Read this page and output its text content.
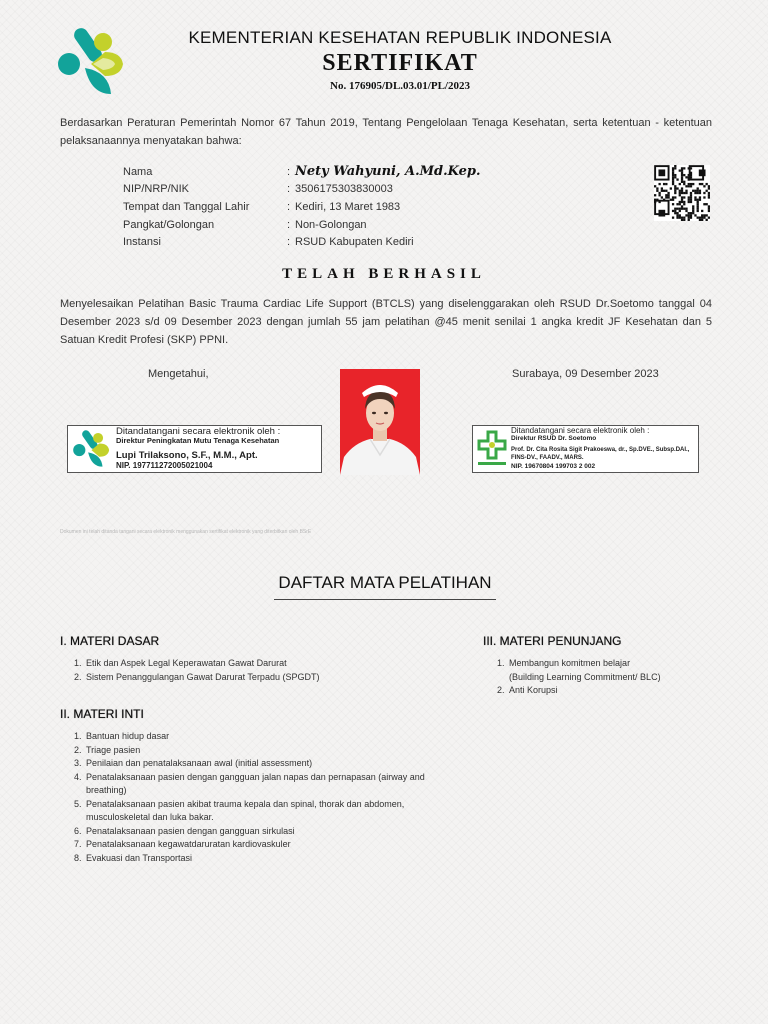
KEMENTERIAN KESEHATAN REPUBLIK INDONESIA
SERTIFIKAT
No. 176905/DL.03.01/PL/2023
Berdasarkan Peraturan Pemerintah Nomor 67 Tahun 2019, Tentang Pengelolaan Tenaga Kesehatan, serta ketentuan - ketentuan pelaksanaannya menyatakan bahwa:
Nama	: Nety Wahyuni, A.Md.Kep.
NIP/NRP/NIK	: 3506175303830003
Tempat dan Tanggal Lahir	: Kediri, 13 Maret 1983
Pangkat/Golongan	: Non-Golongan
Instansi	: RSUD Kabupaten Kediri
TELAH BERHASIL
Menyelesaikan Pelatihan Basic Trauma Cardiac Life Support (BTCLS) yang diselenggarakan oleh RSUD Dr.Soetomo tanggal 04 Desember 2023 s/d 09 Desember 2023 dengan jumlah 55 jam pelatihan @45 menit senilai 1 angka kredit JF Kesehatan dan 5 Satuan Kredit Profesi (SKP) PPNI.
Mengetahui,	Surabaya, 09 Desember 2023
Ditandatangani secara elektronik oleh :
Direktur Peningkatan Mutu Tenaga Kesehatan
Lupi Trilaksono, S.F., M.M., Apt.
NIP. 197711272005021004
Ditandatangani secara elektronik oleh :
Direktur RSUD Dr. Soetomo
Prof. Dr. Cita Rosita Sigit Prakoeswa, dr., Sp.DVE., Subsp.DAI.,
FINS-DV., FAADV., MARS.
NIP. 19670804 199703 2 002
Dokumen ini telah ditanda tangani secara elektronik menggunakan sertifikat elektronik yang diterbitkan oleh BSrE
DAFTAR MATA PELATIHAN
I. MATERI DASAR
1. Etik dan Aspek Legal Keperawatan Gawat Darurat
2. Sistem Penanggulangan Gawat Darurat Terpadu (SPGDT)
II. MATERI INTI
1. Bantuan hidup dasar
2. Triage pasien
3. Penilaian dan penatalaksanaan awal (initial assessment)
4. Penatalaksanaan pasien dengan gangguan jalan napas dan pernapasan (airway and breathing)
5. Penatalaksanaan pasien akibat trauma kepala dan spinal, thorak dan abdomen, musculoskeletal dan luka bakar.
6. Penatalaksanaan pasien dengan gangguan sirkulasi
7. Penatalaksanaan kegawatdaruratan kardiovaskuler
8. Evakuasi dan Transportasi
III. MATERI PENUNJANG
1. Membangun komitmen belajar (Building Learning Commitment/ BLC)
2. Anti Korupsi
